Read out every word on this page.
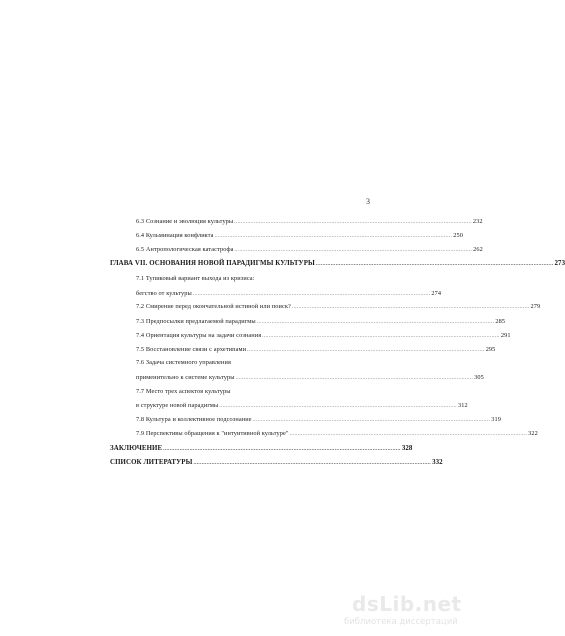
3
6.3 Сознание и эволюция культуры .....	232
6.4 Кульминация конфликта .....	250
6.5 Антропологическая катастрофа .....	262
ГЛАВА VII. ОСНОВАНИЯ НОВОЙ ПАРАДИГМЫ КУЛЬТУРЫ .....	273
7.1 Тупиковый вариант выхода из кризиса:
бегство от культуры .....	274
7.2 Смирение перед окончательной истиной или поиск? .....	279
7.3 Предпосылки предлагаемой парадигмы .....	285
7.4 Ориентация культуры на задачи сознания .....	291
7.5 Восстановление связи с архетипами .....	295
7.6 Задача системного управления
применительно к системе культуры .....	305
7.7 Место трех аспектов культуры
в структуре новой парадигмы .....	312
7.8 Культура и коллективное подсознание .....	319
7.9 Перспективы обращения к "интуитивной культуре" .....	322
ЗАКЛЮЧЕНИЕ .....	328
СПИСОК ЛИТЕРАТУРЫ .....	332
dsLib.net
библиотека диссертаций
